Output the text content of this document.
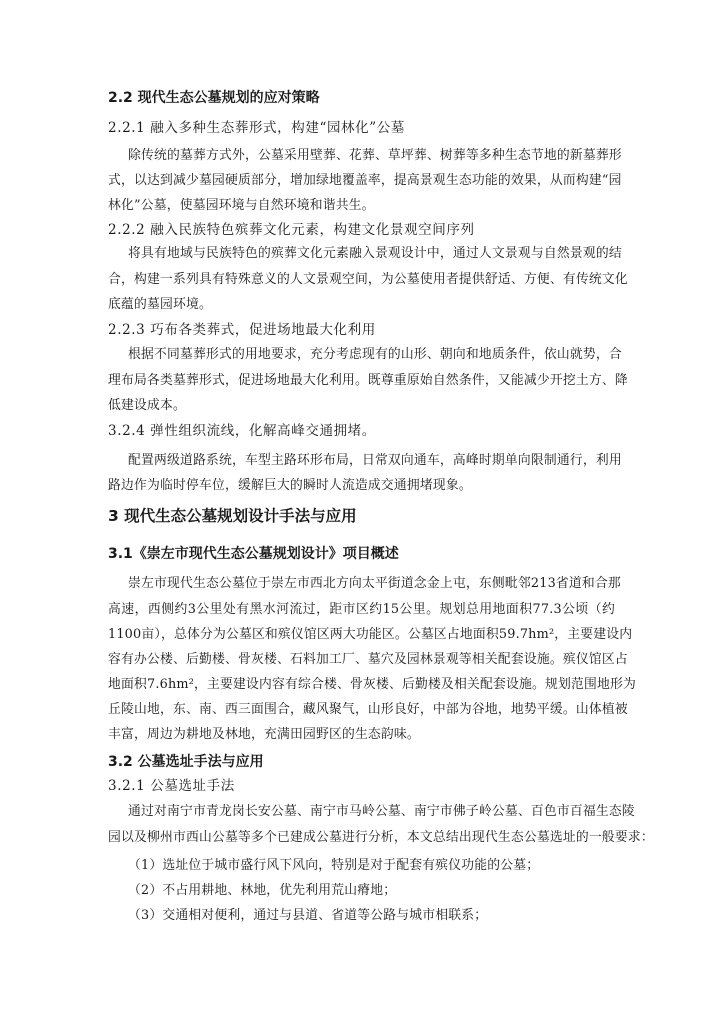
2.2 现代生态公墓规划的应对策略
2.2.1 融入多种生态葬形式，构建“园林化”公墓
除传统的墓葬方式外，公墓采用壁葬、花葬、草坪葬、树葬等多种生态节地的新墓葬形
式，以达到减少墓园硬质部分，增加绿地覆盖率，提高景观生态功能的效果，从而构建“园
林化”公墓，使墓园环境与自然环境和谐共生。
2.2.2 融入民族特色殡葬文化元素，构建文化景观空间序列
将具有地域与民族特色的殡葬文化元素融入景观设计中，通过人文景观与自然景观的结
合，构建一系列具有特殊意义的人文景观空间，为公墓使用者提供舒适、方便、有传统文化
底蕴的墓园环境。
2.2.3 巧布各类葬式，促进场地最大化利用
根据不同墓葬形式的用地要求，充分考虑现有的山形、朝向和地质条件，依山就势，合
理布局各类墓葬形式，促进场地最大化利用。既尊重原始自然条件，又能减少开挖土方、降
低建设成本。
3.2.4 弹性组织流线，化解高峰交通拥堵。
配置两级道路系统，车型主路环形布局，日常双向通车，高峰时期单向限制通行，利用
路边作为临时停车位，缓解巨大的瞬时人流造成交通拥堵现象。
3 现代生态公墓规划设计手法与应用
3.1《崇左市现代生态公墓规划设计》项目概述
崇左市现代生态公墓位于崇左市西北方向太平街道念金上屯，东侧毗邻213省道和合那
高速，西侧约3公里处有黑水河流过，距市区约15公里。规划总用地面积77.3公顷（约
1100亩），总体分为公墓区和殡仪馆区两大功能区。公墓区占地面积59.7hm²，主要建设内
容有办公楼、后勤楼、骨灰楼、石料加工厂、墓穴及园林景观等相关配套设施。殡仪馆区占
地面积7.6hm²，主要建设内容有综合楼、骨灰楼、后勤楼及相关配套设施。规划范围地形为
丘陵山地，东、南、西三面围合，藏风聚气，山形良好，中部为谷地，地势平缓。山体植被
丰富，周边为耕地及林地，充满田园野区的生态韵味。
3.2 公墓选址手法与应用
3.2.1 公墓选址手法
通过对南宁市青龙岗长安公墓、南宁市马岭公墓、南宁市佛子岭公墓、百色市百福生态陵
园以及柳州市西山公墓等多个已建成公墓进行分析，本文总结出现代生态公墓选址的一般要求：
（1）选址位于城市盛行风下风向，特别是对于配套有殡仪功能的公墓；
（2）不占用耕地、林地，优先利用荒山瘠地；
（3）交通相对便利，通过与县道、省道等公路与城市相联系；
